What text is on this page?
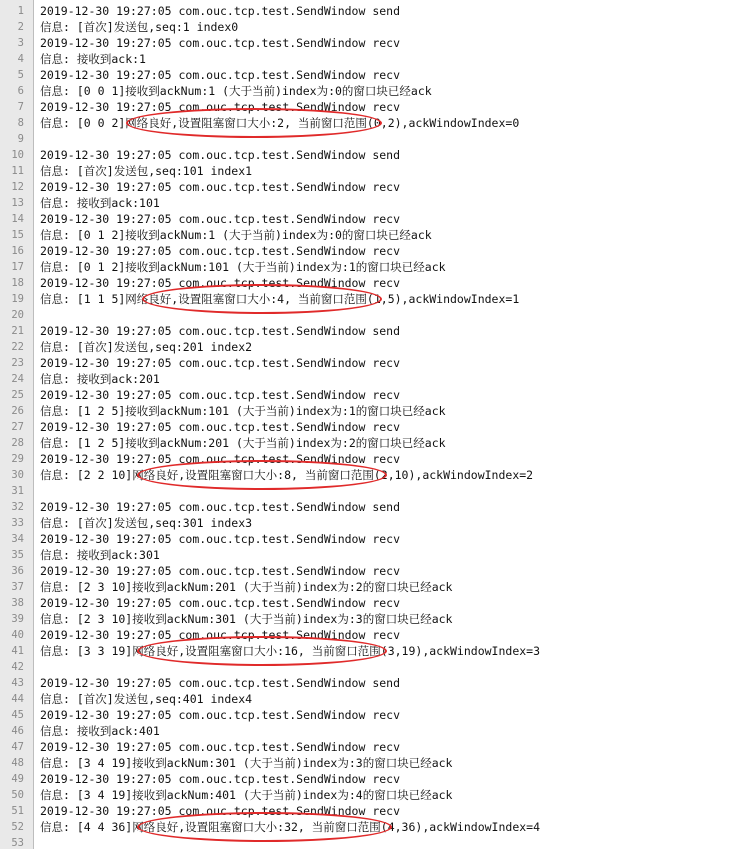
1
2
3
4
5
6
7
8
9
10
11
12
13
14
15
16
17
18
19
20
21
22
23
24
25
26
27
28
29
30
31
32
33
34
35
36
37
38
39
40
41
42
43
44
45
46
47
48
49
50
51
52
53
2019-12-30 19:27:05 com.ouc.tcp.test.SendWindow send
信息: [首次]发送包,seq:1 index0
2019-12-30 19:27:05 com.ouc.tcp.test.SendWindow recv
信息: 接收到ack:1
2019-12-30 19:27:05 com.ouc.tcp.test.SendWindow recv
信息: [0 0 1]接收到ackNum:1 (大于当前)index为:0的窗口块已经ack
2019-12-30 19:27:05 com.ouc.tcp.test.SendWindow recv
信息: [0 0 2]网络良好,设置阻塞窗口大小:2, 当前窗口范围(0,2),ackWindowIndex=0
2019-12-30 19:27:05 com.ouc.tcp.test.SendWindow send
信息: [首次]发送包,seq:101 index1
2019-12-30 19:27:05 com.ouc.tcp.test.SendWindow recv
信息: 接收到ack:101
2019-12-30 19:27:05 com.ouc.tcp.test.SendWindow recv
信息: [0 1 2]接收到ackNum:1 (大于当前)index为:0的窗口块已经ack
2019-12-30 19:27:05 com.ouc.tcp.test.SendWindow recv
信息: [0 1 2]接收到ackNum:101 (大于当前)index为:1的窗口块已经ack
2019-12-30 19:27:05 com.ouc.tcp.test.SendWindow recv
信息: [1 1 5]网络良好,设置阻塞窗口大小:4, 当前窗口范围(1,5),ackWindowIndex=1
2019-12-30 19:27:05 com.ouc.tcp.test.SendWindow send
信息: [首次]发送包,seq:201 index2
2019-12-30 19:27:05 com.ouc.tcp.test.SendWindow recv
信息: 接收到ack:201
2019-12-30 19:27:05 com.ouc.tcp.test.SendWindow recv
信息: [1 2 5]接收到ackNum:101 (大于当前)index为:1的窗口块已经ack
2019-12-30 19:27:05 com.ouc.tcp.test.SendWindow recv
信息: [1 2 5]接收到ackNum:201 (大于当前)index为:2的窗口块已经ack
2019-12-30 19:27:05 com.ouc.tcp.test.SendWindow recv
信息: [2 2 10]网络良好,设置阻塞窗口大小:8, 当前窗口范围(2,10),ackWindowIndex=2
2019-12-30 19:27:05 com.ouc.tcp.test.SendWindow send
信息: [首次]发送包,seq:301 index3
2019-12-30 19:27:05 com.ouc.tcp.test.SendWindow recv
信息: 接收到ack:301
2019-12-30 19:27:05 com.ouc.tcp.test.SendWindow recv
信息: [2 3 10]接收到ackNum:201 (大于当前)index为:2的窗口块已经ack
2019-12-30 19:27:05 com.ouc.tcp.test.SendWindow recv
信息: [2 3 10]接收到ackNum:301 (大于当前)index为:3的窗口块已经ack
2019-12-30 19:27:05 com.ouc.tcp.test.SendWindow recv
信息: [3 3 19]网络良好,设置阻塞窗口大小:16, 当前窗口范围(3,19),ackWindowIndex=3
2019-12-30 19:27:05 com.ouc.tcp.test.SendWindow send
信息: [首次]发送包,seq:401 index4
2019-12-30 19:27:05 com.ouc.tcp.test.SendWindow recv
信息: 接收到ack:401
2019-12-30 19:27:05 com.ouc.tcp.test.SendWindow recv
信息: [3 4 19]接收到ackNum:301 (大于当前)index为:3的窗口块已经ack
2019-12-30 19:27:05 com.ouc.tcp.test.SendWindow recv
信息: [3 4 19]接收到ackNum:401 (大于当前)index为:4的窗口块已经ack
2019-12-30 19:27:05 com.ouc.tcp.test.SendWindow recv
信息: [4 4 36]网络良好,设置阻塞窗口大小:32, 当前窗口范围(4,36),ackWindowIndex=4
